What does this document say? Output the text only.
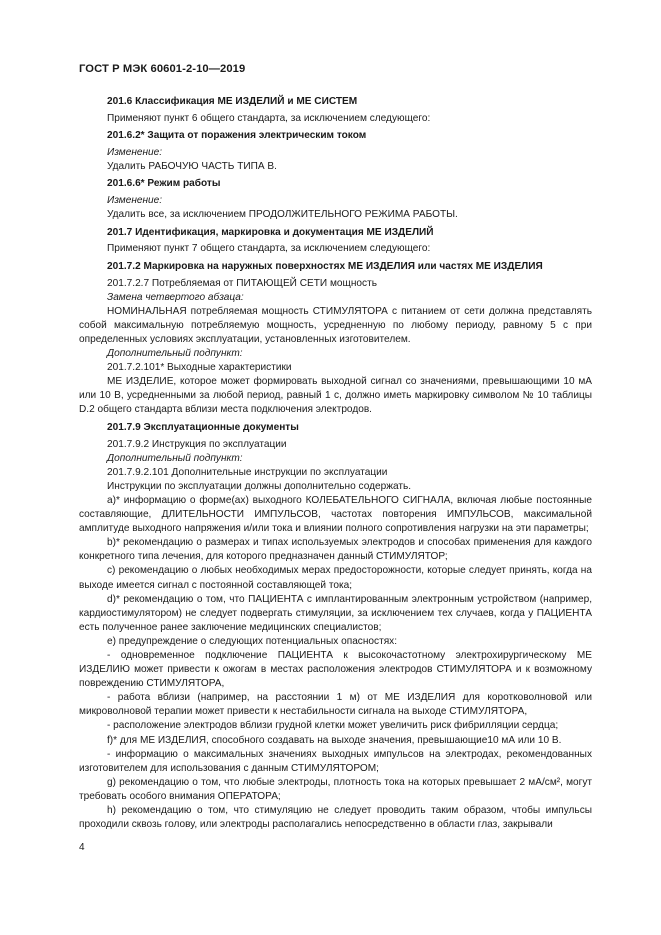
ГОСТ Р МЭК 60601-2-10—2019

201.6 Классификация МЕ ИЗДЕЛИЙ и МЕ СИСТЕМ

Применяют пункт 6 общего стандарта, за исключением следующего:

201.6.2* Защита от поражения электрическим током

Изменение:

Удалить РАБОЧУЮ ЧАСТЬ ТИПА В.

201.6.6* Режим работы

Изменение:

Удалить все, за исключением ПРОДОЛЖИТЕЛЬНОГО РЕЖИМА РАБОТЫ.

201.7 Идентификация, маркировка и документация МЕ ИЗДЕЛИЙ

Применяют пункт 7 общего стандарта, за исключением следующего:

201.7.2 Маркировка на наружных поверхностях МЕ ИЗДЕЛИЯ или частях МЕ ИЗДЕЛИЯ

201.7.2.7 Потребляемая от ПИТАЮЩЕЙ СЕТИ мощность

Замена четвертого абзаца:

НОМИНАЛЬНАЯ потребляемая мощность СТИМУЛЯТОРА с питанием от сети должна представлять собой максимальную потребляемую мощность, усредненную по любому периоду, равному 5 с при определенных условиях эксплуатации, установленных изготовителем.

Дополнительный подпункт:

201.7.2.101* Выходные характеристики

МЕ ИЗДЕЛИЕ, которое может формировать выходной сигнал со значениями, превышающими 10 мА или 10 В, усредненными за любой период, равный 1 с, должно иметь маркировку символом № 10 таблицы D.2 общего стандарта вблизи места подключения электродов.

201.7.9 Эксплуатационные документы

201.7.9.2 Инструкция по эксплуатации

Дополнительный подпункт:

201.7.9.2.101 Дополнительные инструкции по эксплуатации

Инструкции по эксплуатации должны дополнительно содержать.

a)* информацию о форме(ах) выходного КОЛЕБАТЕЛЬНОГО СИГНАЛА, включая любые постоянные составляющие, ДЛИТЕЛЬНОСТИ ИМПУЛЬСОВ, частотах повторения ИМПУЛЬСОВ, максимальной амплитуде выходного напряжения и/или тока и влиянии полного сопротивления нагрузки на эти параметры;

b)* рекомендацию о размерах и типах используемых электродов и способах применения для каждого конкретного типа лечения, для которого предназначен данный СТИМУЛЯТОР;

c) рекомендацию о любых необходимых мерах предосторожности, которые следует принять, когда на выходе имеется сигнал с постоянной составляющей тока;

d)* рекомендацию о том, что ПАЦИЕНТА с имплантированным электронным устройством (например, кардиостимулятором) не следует подвергать стимуляции, за исключением тех случаев, когда у ПАЦИЕНТА есть полученное ранее заключение медицинских специалистов;

e) предупреждение о следующих потенциальных опасностях:

- одновременное подключение ПАЦИЕНТА к высокочастотному электрохирургическому МЕ ИЗДЕЛИЮ может привести к ожогам в местах расположения электродов СТИМУЛЯТОРА и к возможному повреждению СТИМУЛЯТОРА,

- работа вблизи (например, на расстоянии 1 м) от МЕ ИЗДЕЛИЯ для коротковолновой или микроволновой терапии может привести к нестабильности сигнала на выходе СТИМУЛЯТОРА,

- расположение электродов вблизи грудной клетки может увеличить риск фибрилляции сердца;

f)* для МЕ ИЗДЕЛИЯ, способного создавать на выходе значения, превышающие10 мА или 10 В.

- информацию о максимальных значениях выходных импульсов на электродах, рекомендованных изготовителем для использования с данным СТИМУЛЯТОРОМ;

g) рекомендацию о том, что любые электроды, плотность тока на которых превышает 2 мА/см², могут требовать особого внимания ОПЕРАТОРА;

h) рекомендацию о том, что стимуляцию не следует проводить таким образом, чтобы импульсы проходили сквозь голову, или электроды располагались непосредственно в области глаз, закрывали

4
